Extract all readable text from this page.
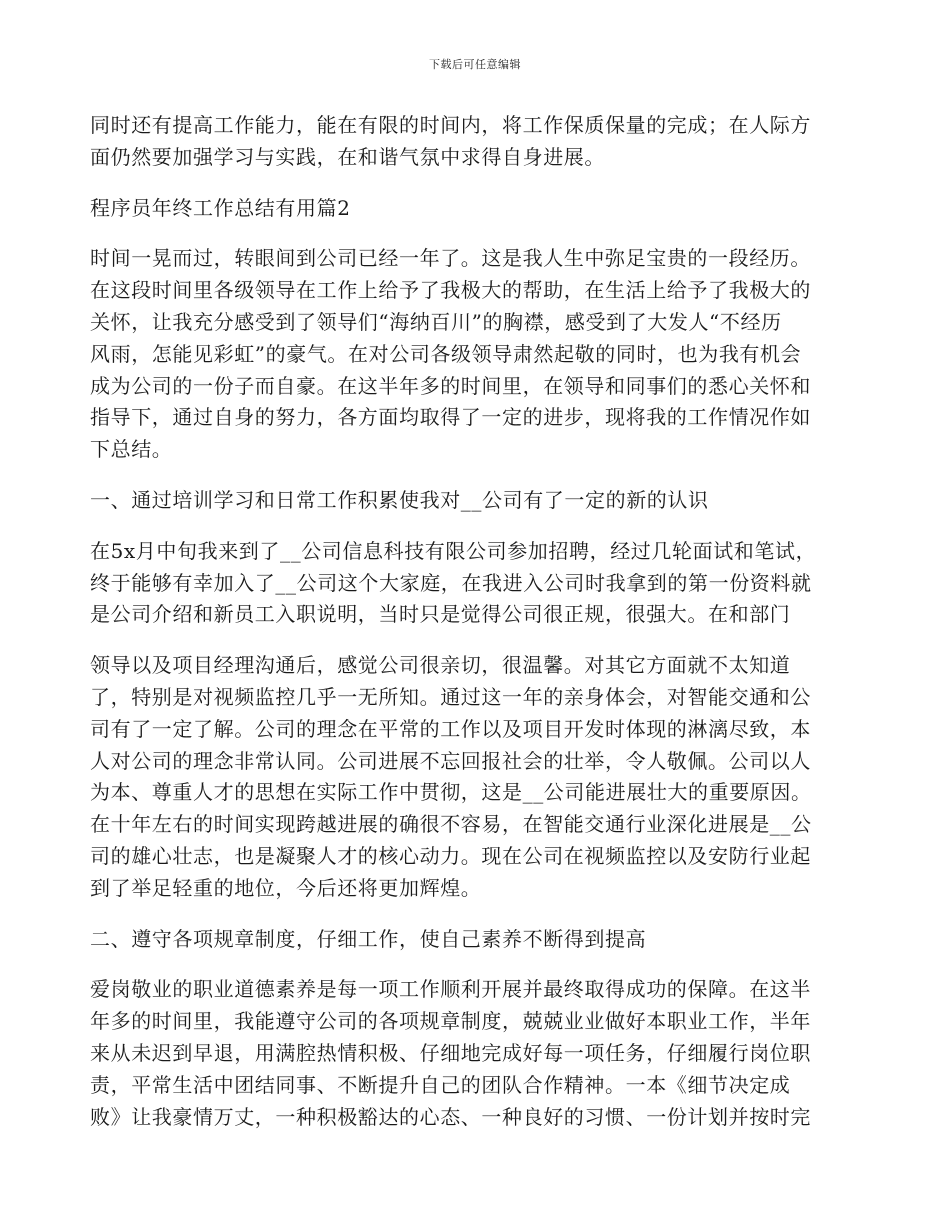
下载后可任意编辑

同时还有提高工作能力，能在有限的时间内，将工作保质保量的完成；在人际方
面仍然要加强学习与实践，在和谐气氛中求得自身进展。

程序员年终工作总结有用篇2

时间一晃而过，转眼间到公司已经一年了。这是我人生中弥足宝贵的一段经历。
在这段时间里各级领导在工作上给予了我极大的帮助，在生活上给予了我极大的
关怀，让我充分感受到了领导们“海纳百川”的胸襟，感受到了大发人“不经历
风雨，怎能见彩虹”的豪气。在对公司各级领导肃然起敬的同时，也为我有机会
成为公司的一份子而自豪。在这半年多的时间里，在领导和同事们的悉心关怀和
指导下，通过自身的努力，各方面均取得了一定的进步，现将我的工作情况作如
下总结。

一、通过培训学习和日常工作积累使我对__公司有了一定的新的认识

在5x月中旬我来到了__公司信息科技有限公司参加招聘，经过几轮面试和笔试，
终于能够有幸加入了__公司这个大家庭，在我进入公司时我拿到的第一份资料就
是公司介绍和新员工入职说明，当时只是觉得公司很正规，很强大。在和部门

领导以及项目经理沟通后，感觉公司很亲切，很温馨。对其它方面就不太知道
了，特别是对视频监控几乎一无所知。通过这一年的亲身体会，对智能交通和公
司有了一定了解。公司的理念在平常的工作以及项目开发时体现的淋漓尽致，本
人对公司的理念非常认同。公司进展不忘回报社会的壮举，令人敬佩。公司以人
为本、尊重人才的思想在实际工作中贯彻，这是__公司能进展壮大的重要原因。
在十年左右的时间实现跨越进展的确很不容易，在智能交通行业深化进展是__公
司的雄心壮志，也是凝聚人才的核心动力。现在公司在视频监控以及安防行业起
到了举足轻重的地位，今后还将更加辉煌。

二、遵守各项规章制度，仔细工作，使自己素养不断得到提高

爱岗敬业的职业道德素养是每一项工作顺利开展并最终取得成功的保障。在这半
年多的时间里，我能遵守公司的各项规章制度，兢兢业业做好本职业工作，半年
来从未迟到早退，用满腔热情积极、仔细地完成好每一项任务，仔细履行岗位职
责，平常生活中团结同事、不断提升自己的团队合作精神。一本《细节决定成
败》让我豪情万丈，一种积极豁达的心态、一种良好的习惯、一份计划并按时完
